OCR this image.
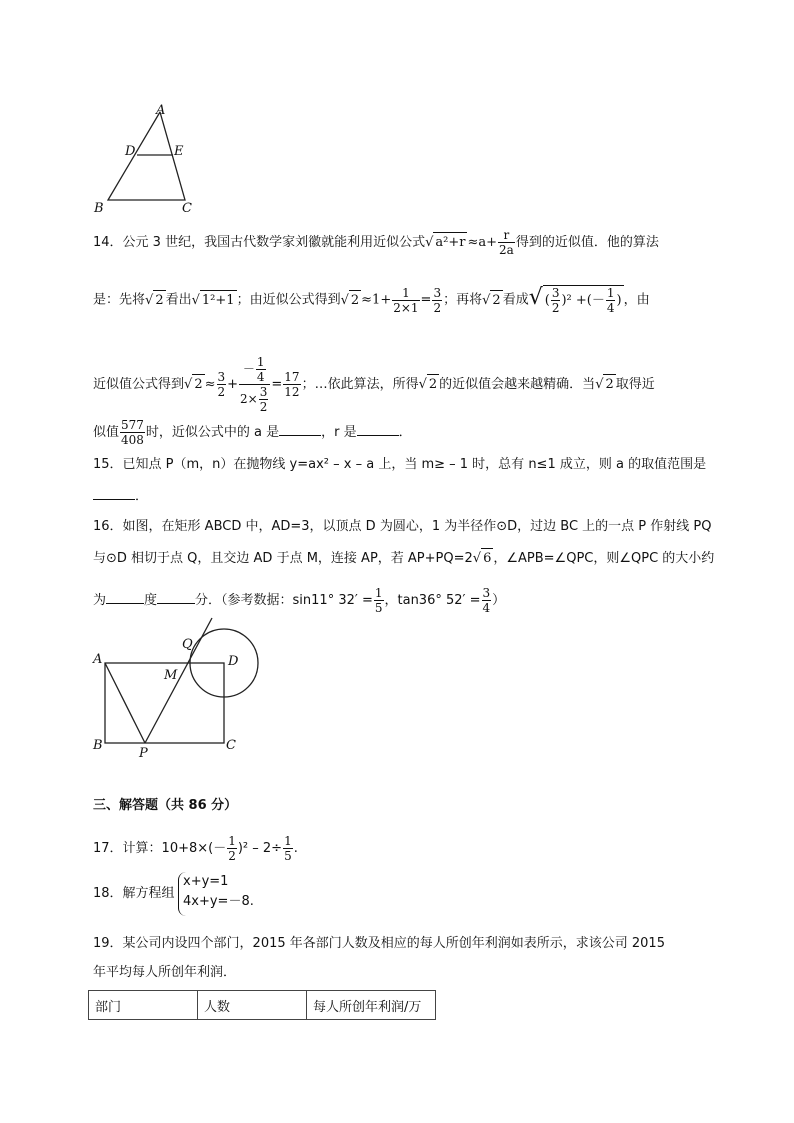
A
D	E
B	C
14．公元 3 世纪，我国古代数学家刘徽就能利用近似公式√ $a^2+r \approx a+ \frac{r}{2a}$ 得到的近似值．他的算法
是：先将√ 2 看出√ 1²+1 ；由近似公式得到√ $2 \approx 1+ \frac{1}{2\times 1} = \frac{3}{2}$ ；再将√ 2 看成√ ( $\frac{3}{2} )^2$ +(－ $\frac{1}{4}$ ) ，由
近似值公式得到√ $2 \approx \frac{3}{2} + \frac{- \frac{1}{4}}{2\times \frac{3}{2}} = \frac{17}{12}$ ；…依此算法，所得√ 2 的近似值会越来越精确．当√ 2 取得近
似值 $\frac{577}{408}$ 时，近似公式中的 a 是	，r 是	．
15．已知点 P（m，n）在抛物线 y=ax² – x – a 上，当 m≥ – 1 时，总有 n≤1 成立，则 a 的取值范围是
．
16．如图，在矩形 ABCD 中，AD=3，以顶点 D 为圆心，1 为半径作⊙D，过边 BC 上的一点 P 作射线 PQ
与⊙D 相切于点 Q，且交边 AD 于点 M，连接 AP，若 AP+PQ=2√ 6 ，∠APB=∠QPC，则∠QPC 的大小约
为	度	分．（参考数据：sin11° $32' = \frac{1}{5}$ ，tan36° $52' = \frac{3}{4}$ ）
A	D
Q
M
B
P
C
三、解答题（共 86 分）
17．计算：$10+8\times(- \frac{1}{2} )^2 - 2\div \frac{1}{5}$ .
18．解方程组
x+y=1
4x+y=－8.
19．某公司内设四个部门，2015 年各部门人数及相应的每人所创年利润如表所示，求该公司 2015
年平均每人所创年利润．
部门	人数	每人所创年利润/万
